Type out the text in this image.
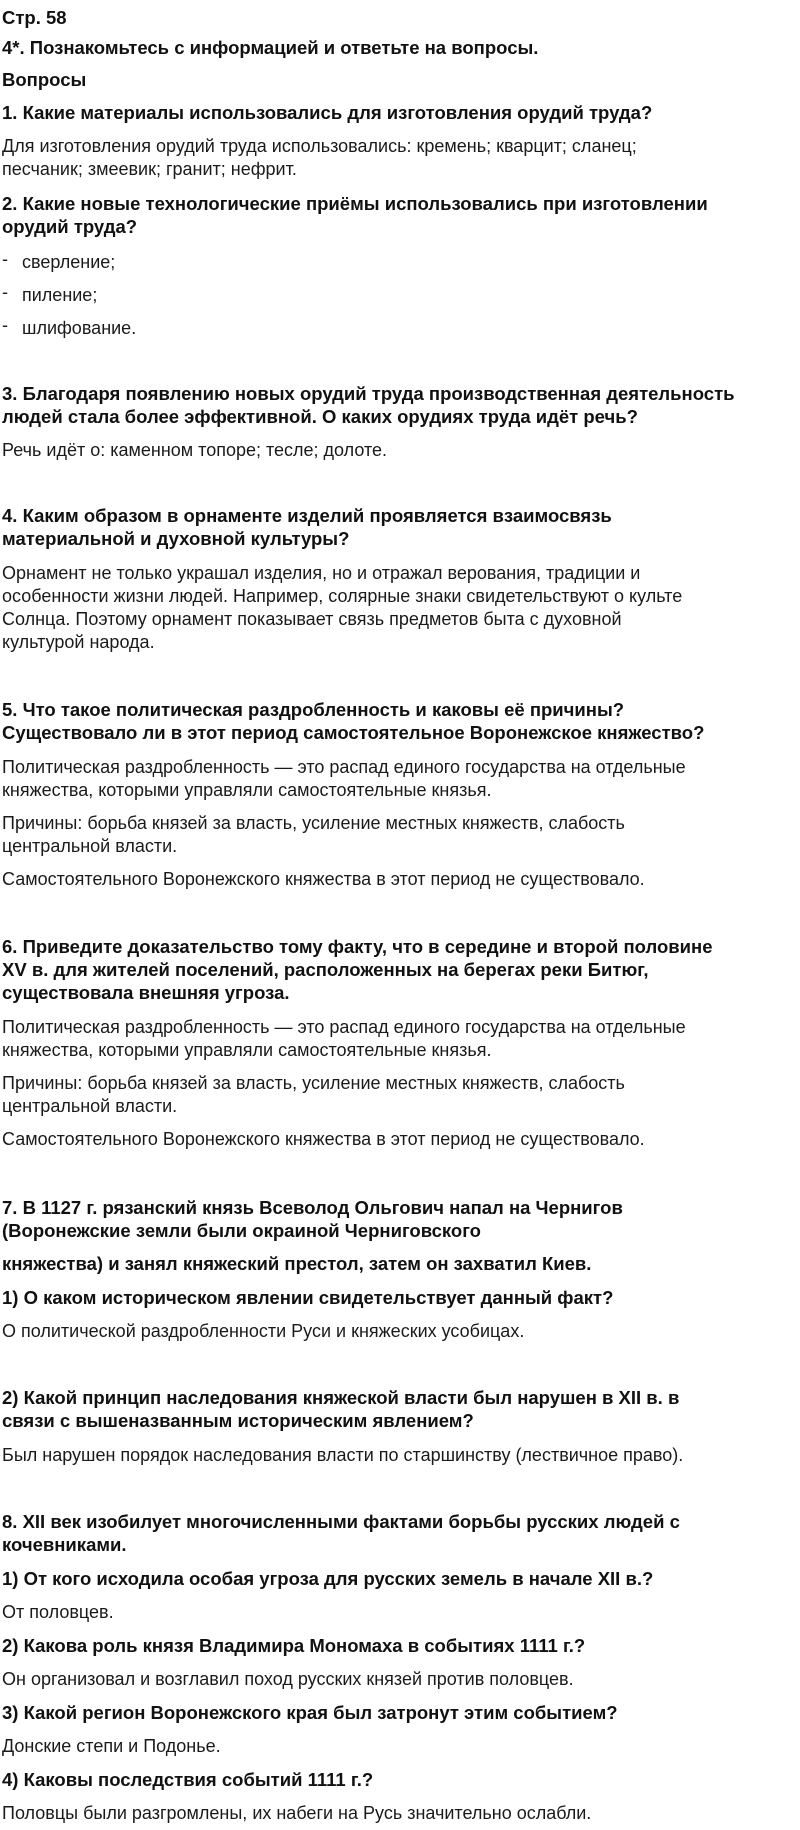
Стр. 58
4*. Познакомьтесь с информацией и ответьте на вопросы.
Вопросы
1. Какие материалы использовались для изготовления орудий труда?
Для изготовления орудий труда использовались: кремень; кварцит; сланец;
песчаник; змеевик; гранит; нефрит.
2. Какие новые технологические приёмы использовались при изготовлении
орудий труда?
- сверление;
- пиление;
- шлифование.
3. Благодаря появлению новых орудий труда производственная деятельность
людей стала более эффективной. О каких орудиях труда идёт речь?
Речь идёт о: каменном топоре; тесле; долоте.
4. Каким образом в орнаменте изделий проявляется взаимосвязь
материальной и духовной культуры?
Орнамент не только украшал изделия, но и отражал верования, традиции и
особенности жизни людей. Например, солярные знаки свидетельствуют о культе
Солнца. Поэтому орнамент показывает связь предметов быта с духовной
культурой народа.
5. Что такое политическая раздробленность и каковы её причины?
Существовало ли в этот период самостоятельное Воронежское княжество?
Политическая раздробленность — это распад единого государства на отдельные
княжества, которыми управляли самостоятельные князья.
Причины: борьба князей за власть, усиление местных княжеств, слабость
центральной власти.
Самостоятельного Воронежского княжества в этот период не существовало.
6. Приведите доказательство тому факту, что в середине и второй половине
XV в. для жителей поселений, расположенных на берегах реки Битюг,
существовала внешняя угроза.
Политическая раздробленность — это распад единого государства на отдельные
княжества, которыми управляли самостоятельные князья.
Причины: борьба князей за власть, усиление местных княжеств, слабость
центральной власти.
Самостоятельного Воронежского княжества в этот период не существовало.
7. В 1127 г. рязанский князь Всеволод Ольгович напал на Чернигов
(Воронежские земли были окраиной Черниговского
княжества) и занял княжеский престол, затем он захватил Киев.
1) О каком историческом явлении свидетельствует данный факт?
О политической раздробленности Руси и княжеских усобицах.
2) Какой принцип наследования княжеской власти был нарушен в XII в. в
связи с вышеназванным историческим явлением?
Был нарушен порядок наследования власти по старшинству (лествичное право).
8. XII век изобилует многочисленными фактами борьбы русских людей с
кочевниками.
1) От кого исходила особая угроза для русских земель в начале XII в.?
От половцев.
2) Какова роль князя Владимира Мономаха в событиях 1111 г.?
Он организовал и возглавил поход русских князей против половцев.
3) Какой регион Воронежского края был затронут этим событием?
Донские степи и Подонье.
4) Каковы последствия событий 1111 г.?
Половцы были разгромлены, их набеги на Русь значительно ослабли.
